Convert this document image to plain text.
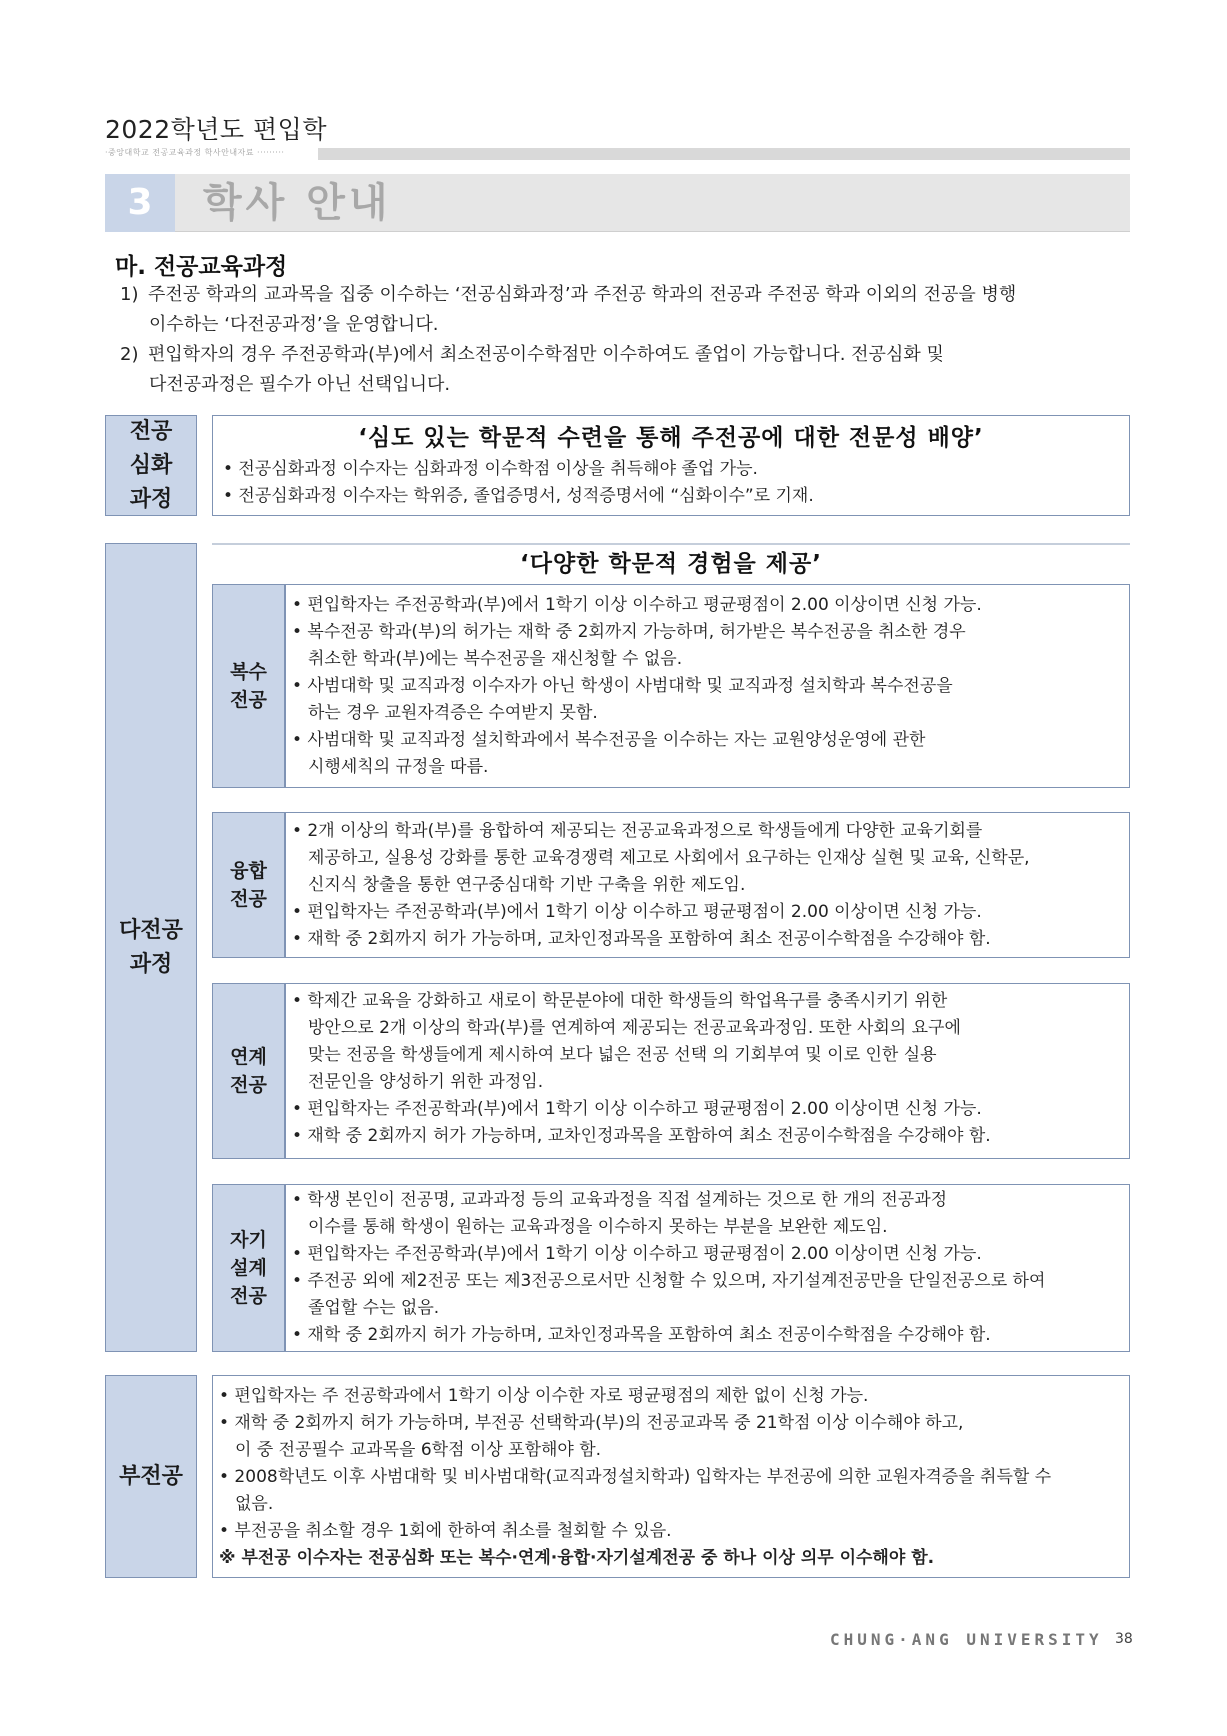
2022학년도 편입학
·중앙대학교 전공교육과정 학사안내자료 ·········
3	학사 안내
마. 전공교육과정
1) 주전공 학과의 교과목을 집중 이수하는 ‘전공심화과정’과 주전공 학과의 전공과 주전공 학과 이외의 전공을 병행
이수하는 ‘다전공과정’을 운영합니다.
2) 편입학자의 경우 주전공학과(부)에서 최소전공이수학점만 이수하여도 졸업이 가능합니다. 전공심화 및
다전공과정은 필수가 아닌 선택입니다.
전공
심화
과정
‘심도 있는 학문적 수련을 통해 주전공에 대한 전문성 배양’
• 전공심화과정 이수자는 심화과정 이수학점 이상을 취득해야 졸업 가능.
• 전공심화과정 이수자는 학위증, 졸업증명서, 성적증명서에 “심화이수”로 기재.
다전공
과정
‘다양한 학문적 경험을 제공’
복수
전공
• 편입학자는 주전공학과(부)에서 1학기 이상 이수하고 평균평점이 2.00 이상이면 신청 가능.
• 복수전공 학과(부)의 허가는 재학 중 2회까지 가능하며, 허가받은 복수전공을 취소한 경우
취소한 학과(부)에는 복수전공을 재신청할 수 없음.
• 사범대학 및 교직과정 이수자가 아닌 학생이 사범대학 및 교직과정 설치학과 복수전공을
하는 경우 교원자격증은 수여받지 못함.
• 사범대학 및 교직과정 설치학과에서 복수전공을 이수하는 자는 교원양성운영에 관한
시행세칙의 규정을 따름.
융합
전공
• 2개 이상의 학과(부)를 융합하여 제공되는 전공교육과정으로 학생들에게 다양한 교육기회를
제공하고, 실용성 강화를 통한 교육경쟁력 제고로 사회에서 요구하는 인재상 실현 및 교육, 신학문,
신지식 창출을 통한 연구중심대학 기반 구축을 위한 제도임.
• 편입학자는 주전공학과(부)에서 1학기 이상 이수하고 평균평점이 2.00 이상이면 신청 가능.
• 재학 중 2회까지 허가 가능하며, 교차인정과목을 포함하여 최소 전공이수학점을 수강해야 함.
연계
전공
• 학제간 교육을 강화하고 새로이 학문분야에 대한 학생들의 학업욕구를 충족시키기 위한
방안으로 2개 이상의 학과(부)를 연계하여 제공되는 전공교육과정임. 또한 사회의 요구에
맞는 전공을 학생들에게 제시하여 보다 넓은 전공 선택 의 기회부여 및 이로 인한 실용
전문인을 양성하기 위한 과정임.
• 편입학자는 주전공학과(부)에서 1학기 이상 이수하고 평균평점이 2.00 이상이면 신청 가능.
• 재학 중 2회까지 허가 가능하며, 교차인정과목을 포함하여 최소 전공이수학점을 수강해야 함.
자기
설계
전공
• 학생 본인이 전공명, 교과과정 등의 교육과정을 직접 설계하는 것으로 한 개의 전공과정
이수를 통해 학생이 원하는 교육과정을 이수하지 못하는 부분을 보완한 제도임.
• 편입학자는 주전공학과(부)에서 1학기 이상 이수하고 평균평점이 2.00 이상이면 신청 가능.
• 주전공 외에 제2전공 또는 제3전공으로서만 신청할 수 있으며, 자기설계전공만을 단일전공으로 하여
졸업할 수는 없음.
• 재학 중 2회까지 허가 가능하며, 교차인정과목을 포함하여 최소 전공이수학점을 수강해야 함.
부전공
• 편입학자는 주 전공학과에서 1학기 이상 이수한 자로 평균평점의 제한 없이 신청 가능.
• 재학 중 2회까지 허가 가능하며, 부전공 선택학과(부)의 전공교과목 중 21학점 이상 이수해야 하고,
이 중 전공필수 교과목을 6학점 이상 포함해야 함.
• 2008학년도 이후 사범대학 및 비사범대학(교직과정설치학과) 입학자는 부전공에 의한 교원자격증을 취득할 수
없음.
• 부전공을 취소할 경우 1회에 한하여 취소를 철회할 수 있음.
※ 부전공 이수자는 전공심화 또는 복수·연계·융합·자기설계전공 중 하나 이상 의무 이수해야 함.
CHUNG·ANG UNIVERSITY 38
